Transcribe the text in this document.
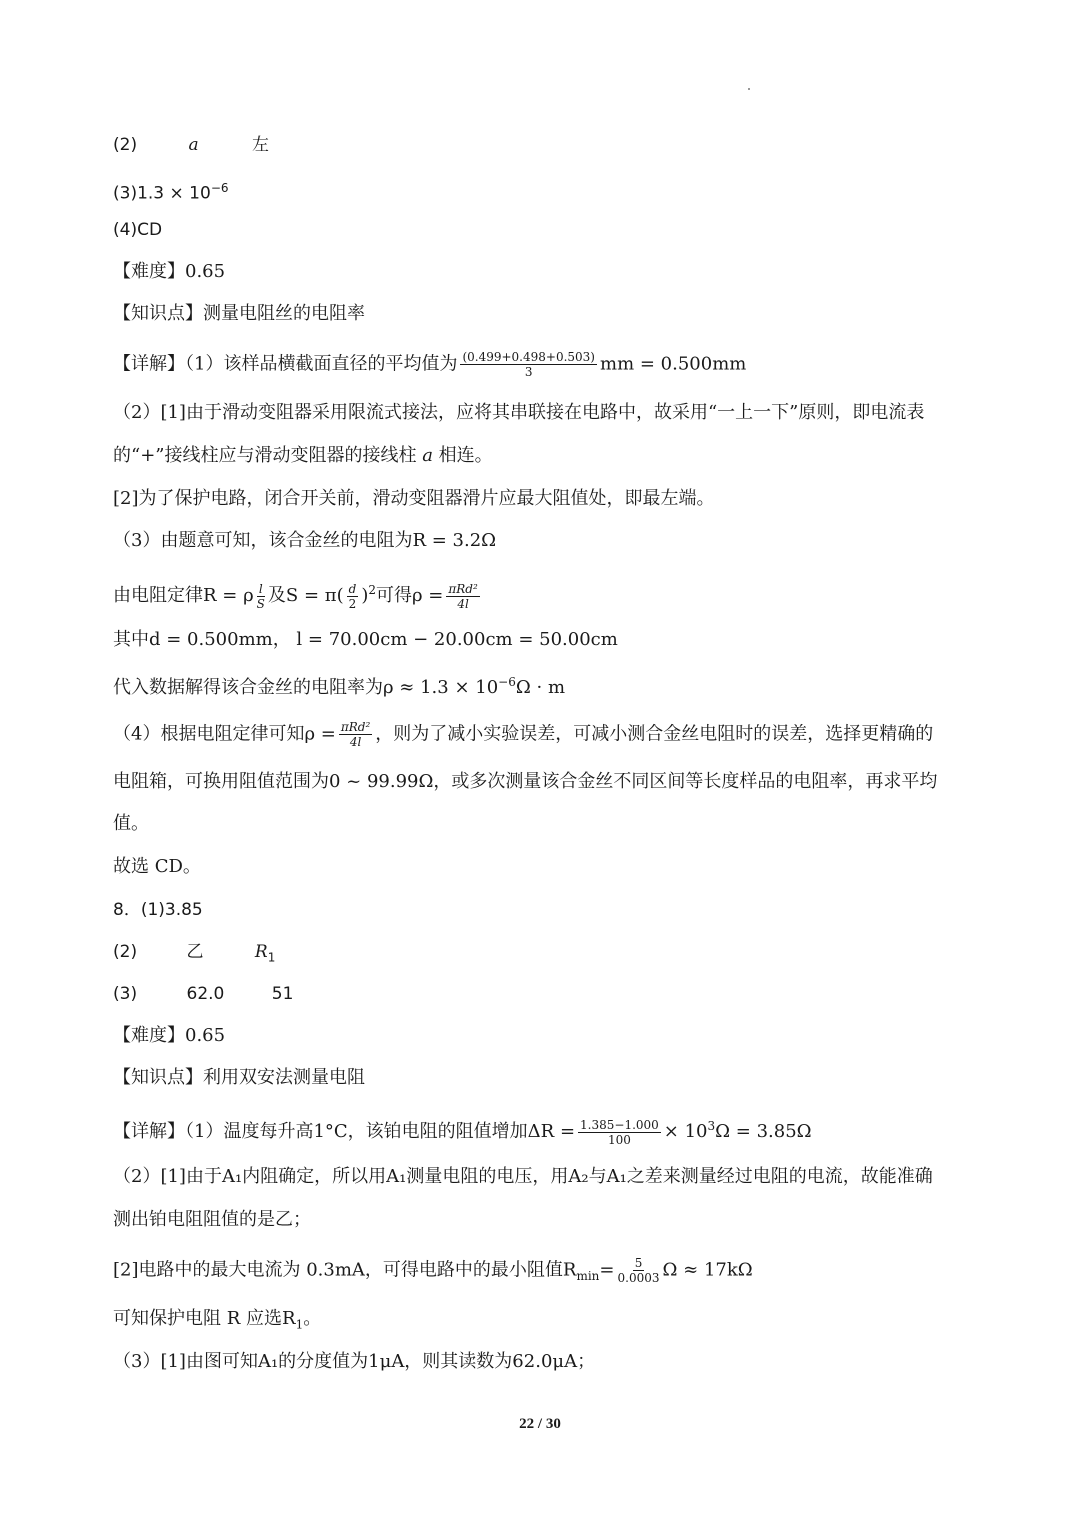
(2)	a	左
$(3)1.3 \times 10^{-6}$
(4)CD
【难度】0.65
【知识点】测量电阻丝的电阻率
【详解】（1）该样品横截面直径的平均值为 $\frac{(0.499+0.498+0.503)}{3}$ mm = 0.500mm
（2）[1]由于滑动变阻器采用限流式接法，应将其串联接在电路中，故采用“一上一下”原则，即电流表
的“+”接线柱应与滑动变阻器的接线柱 a 相连。
[2]为了保护电路，闭合开关前，滑动变阻器滑片应最大阻值处，即最左端。
（3）由题意可知，该合金丝的电阻为R = 3.2Ω
由电阻定律R = ρ $\frac{l}{S}$ 及$S = \pi( \frac{d}{2} )^2$可得$\rho = \frac{\text{πRd²}}{4l}$
其中d = 0.500mm， l = 70.00cm − 20.00cm = 50.00cm
代入数据解得该合金丝的电阻率为$\rho \approx 1.3 \times 10^{-6}\Omega \cdot m$
（4）根据电阻定律可知$\rho = \frac{\text{πRd²}}{4l}$ ，则为了减小实验误差，可减小测合金丝电阻时的误差，选择更精确的
电阻箱，可换用阻值范围为0 ~ 99.99Ω，或多次测量该合金丝不同区间等长度样品的电阻率，再求平均
值。
故选 CD。
8．(1)3.85
(2)	乙	$R_1$
(3)	62.0	51
【难度】0.65
【知识点】利用双安法测量电阻
【详解】（1）温度每升高1°C，该铂电阻的阻值增加$\Delta R = \frac{1.385-1.000}{100} \times 10^3\Omega = 3.85\Omega$
（2）[1]由于A₁内阻确定，所以用A₁测量电阻的电压，用A₂与A₁之差来测量经过电阻的电流，故能准确
测出铂电阻阻值的是乙；
[2]电路中的最大电流为 0.3mA，可得电路中的最小阻值$R_{min}= \frac{5}{0.0003}$ Ω ≈ 17kΩ
可知保护电阻 R 应选$R_1$。
（3）[1]由图可知A₁的分度值为1μA，则其读数为62.0μA；
22 / 30
